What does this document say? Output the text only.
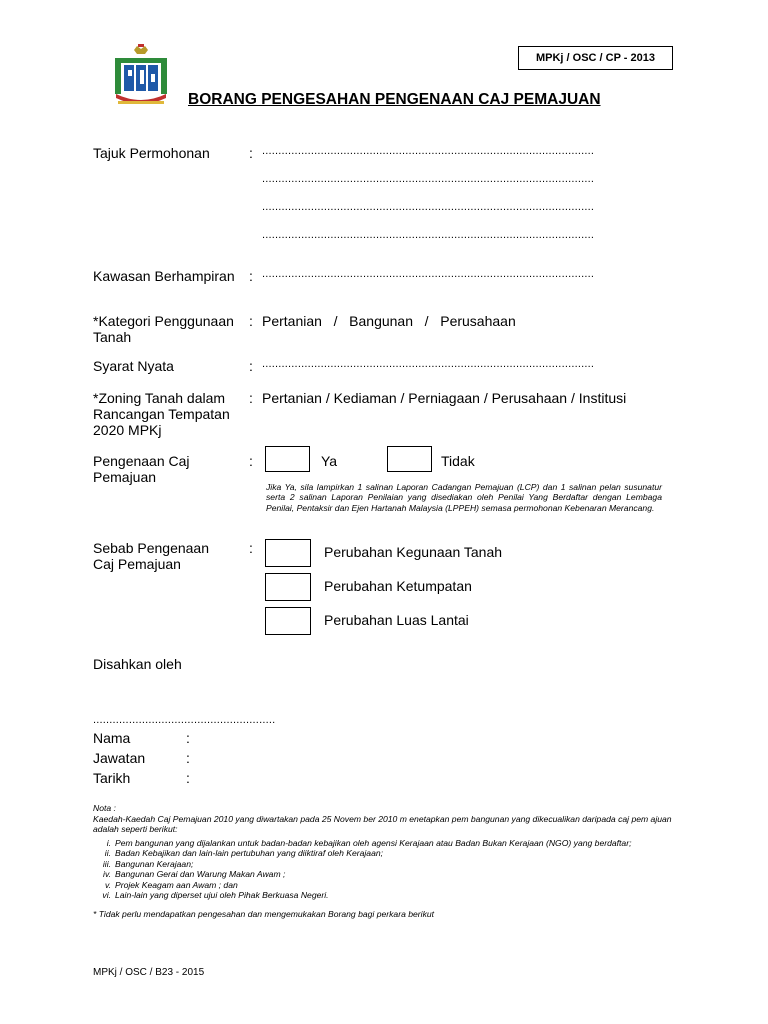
MPKj / OSC / CP - 2013
BORANG PENGESAHAN PENGENAAN CAJ PEMAJUAN
Tajuk Permohonan	: ......................................................................................................
......................................................................................................
......................................................................................................
......................................................................................................
Kawasan Berhampiran : ......................................................................................................
*Kategori Penggunaan Tanah
: Pertanian   /   Bangunan   /   Perusahaan
Syarat Nyata	: ......................................................................................................
*Zoning Tanah dalam Rancangan Tempatan 2020 MPKj
: Pertanian / Kediaman / Perniagaan / Perusahaan / Institusi
Pengenaan Caj Pemajuan
:	Ya	Tidak
Jika Ya, sila lampirkan 1 salinan Laporan Cadangan Pemajuan (LCP) dan 1 salinan pelan susunatur serta 2 salinan Laporan Penilaian yang disediakan oleh Penilai Yang Berdaftar dengan Lembaga Penilai, Pentaksir dan Ejen Hartanah Malaysia (LPPEH) semasa permohonan Kebenaran Merancang.
Sebab Pengenaan Caj Pemajuan
:	Perubahan Kegunaan Tanah
Perubahan Ketumpatan
Perubahan Luas Lantai
Disahkan oleh
........................................................
Nama	:
Jawatan	:
Tarikh	:
Nota :
Kaedah-Kaedah Caj Pemajuan 2010 yang diwartakan pada 25 Novem ber 2010 m enetapkan pem bangunan yang dikecualikan daripada caj pem ajuan adalah seperti berikut:
i. Pem bangunan yang dijalankan untuk badan-badan kebajikan oleh agensi Kerajaan atau Badan Bukan Kerajaan (NGO) yang berdaftar;
ii. Badan Kebajikan dan lain-lain pertubuhan yang diiktiraf oleh Kerajaan;
iii. Bangunan Kerajaan;
iv. Bangunan Gerai dan Warung Makan Awam ;
v. Projek Keagam aan Awam ; dan
vi. Lain-lain yang diperset ujui oleh Pihak Berkuasa Negeri.
* Tidak perlu mendapatkan pengesahan dan mengemukakan Borang bagi perkara berikut
MPKj / OSC / B23 - 2015
